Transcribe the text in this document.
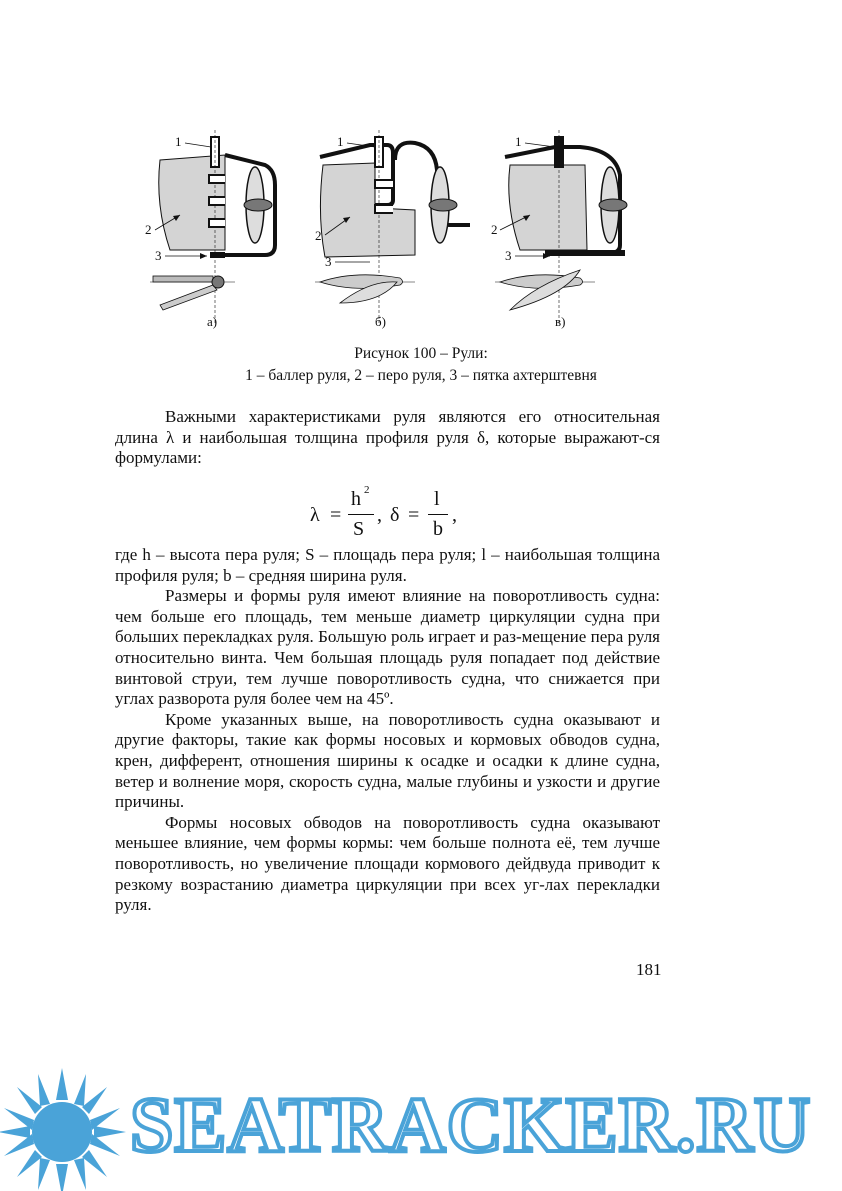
1
2
3
1
2
3
1
2
3
а)	б)	в)
Рисунок 100 – Рули:
1 – баллер руля, 2 – перо руля, 3 – пятка ахтерштевня

Важными характеристиками руля являются его относительная длина λ и наибольшая толщина профиля руля δ, которые выражают-ся формулами:

λ =
h 2
S
, δ =
l
b
,

где h – высота пера руля; S – площадь пера руля; l – наибольшая толщина профиля руля; b – средняя ширина руля.

Размеры и формы руля имеют влияние на поворотливость судна: чем больше его площадь, тем меньше диаметр циркуляции судна при больших перекладках руля. Большую роль играет и раз-мещение пера руля относительно винта. Чем большая площадь руля попадает под действие винтовой струи, тем лучше поворотливость судна, что снижается при углах разворота руля более чем на 45º.

Кроме указанных выше, на поворотливость судна оказывают и другие факторы, такие как формы носовых и кормовых обводов судна, крен, дифферент, отношения ширины к осадке и осадки к длине судна, ветер и волнение моря, скорость судна, малые глубины и узкости и другие причины.

Формы носовых обводов на поворотливость судна оказывают меньшее влияние, чем формы кормы: чем больше полнота её, тем лучше поворотливость, но увеличение площади кормового дейдвуда приводит к резкому возрастанию диаметра циркуляции при всех уг-лах перекладки руля.

181
SEATRACKER.RU
